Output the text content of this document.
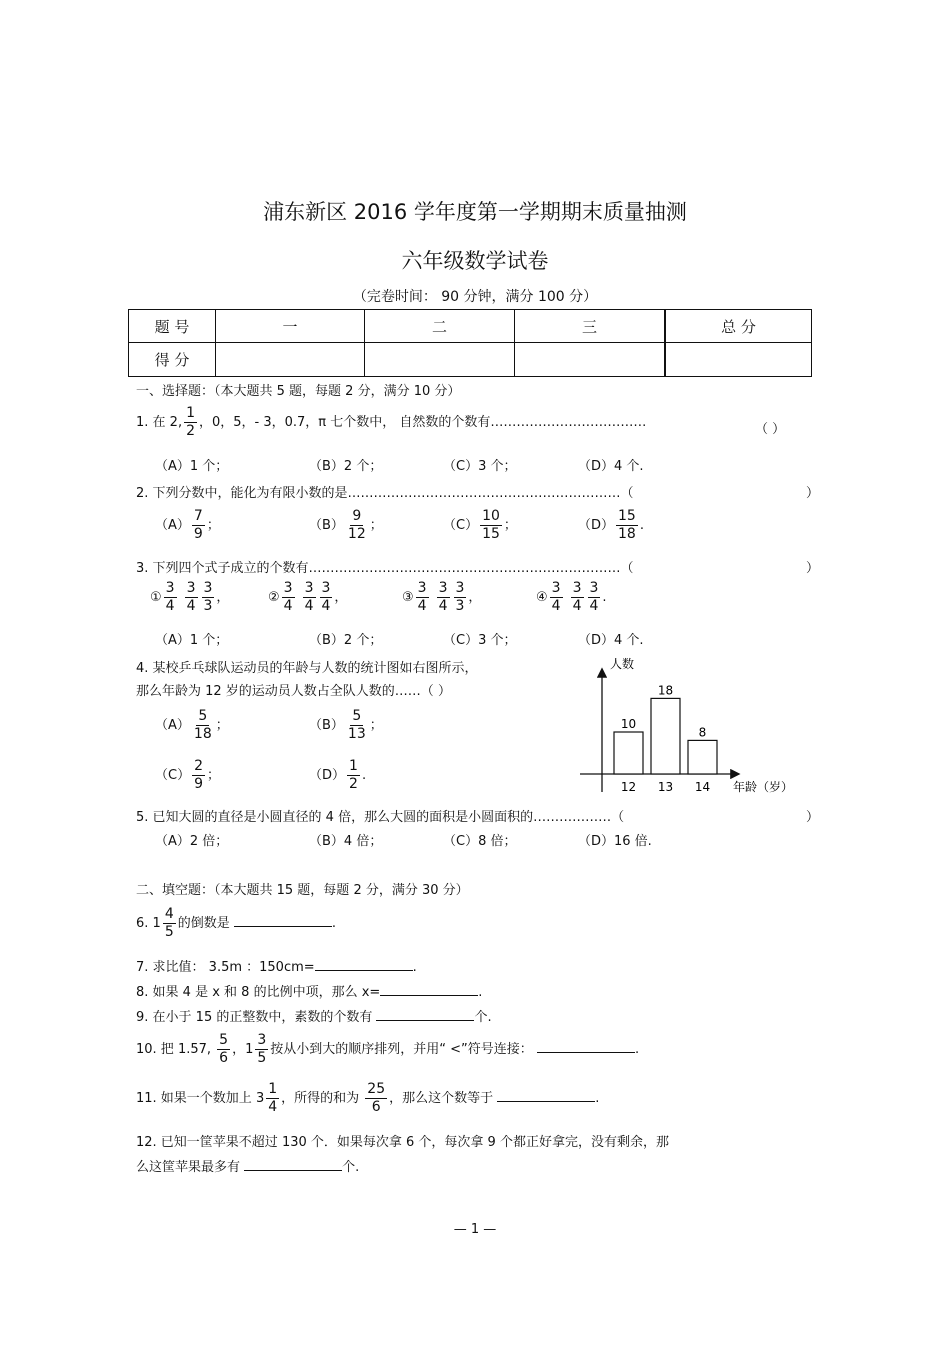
浦东新区 2016 学年度第一学期期末质量抽测
六年级数学试卷
（完卷时间： 90 分钟，满分 100 分）
题 号	一	二	三	总 分
得 分				
一、选择题：（本大题共 5 题，每题 2 分，满分 10 分）
1. 在 2, $\frac{1}{2}$ ，0，5，- 3，0.7，π 七个数中， 自然数的个数有………………………………	（ ）
（A）1 个；	（B）2 个；	（C）3 个；	（D）4 个.
2. 下列分数中，能化为有限小数的是………………………………………………………（	）
$(A) \frac{7}{9}$ ；	$(B) \frac{9}{12}$ ；	$(C) \frac{10}{15}$ ；	$(D) \frac{15}{18}$ .
3. 下列四个式子成立的个数有………………………………………………………………（	）
① $\frac{3}{4} \frac{3}{4} \frac{3}{3}$ ，	② $\frac{3}{4} \frac{3}{4} \frac{3}{4}$ ，	③ $\frac{3}{4} \frac{3}{4} \frac{3}{3}$ ，	④ $\frac{3}{4} \frac{3}{4} \frac{3}{4}$ .
（A）1 个；	（B）2 个；	（C）3 个；	（D）4 个.
4. 某校乒乓球队运动员的年龄与人数的统计图如右图所示，
那么年龄为 12 岁的运动员人数占全队人数的……（ ）
$(A) \frac{5}{18}$ ；	$(B) \frac{5}{13}$ ；
$(C) \frac{2}{9}$ ；	$(D) \frac{1}{2}$ .
人数
年龄（岁）
10
12
18
13
8
14
5. 已知大圆的直径是小圆直径的 4 倍，那么大圆的面积是小圆面积的………………（	）
（A）2 倍；	（B）4 倍；	（C）8 倍；	（D）16 倍.
二、填空题：（本大题共 15 题，每题 2 分，满分 30 分）
6. $1 \frac{4}{5}$ 的倒数是	.
7. 求比值： 3.5m ：150cm=	.
8. 如果 4 是 x 和 8 的比例中项，那么 x=	.
9. 在小于 15 的正整数中，素数的个数有	个.
10. 把 1.57, $\frac{5}{6}$ ，$1 \frac{3}{5}$ 按从小到大的顺序排列，并用“ <”符号连接：	.
11. 如果一个数加上 $3 \frac{1}{4}$ ，所得的和为 $\frac{25}{6}$ ，那么这个数等于	.
12. 已知一筐苹果不超过 130 个．如果每次拿 6 个，每次拿 9 个都正好拿完，没有剩余，那
么这筐苹果最多有	个.
— 1 —
